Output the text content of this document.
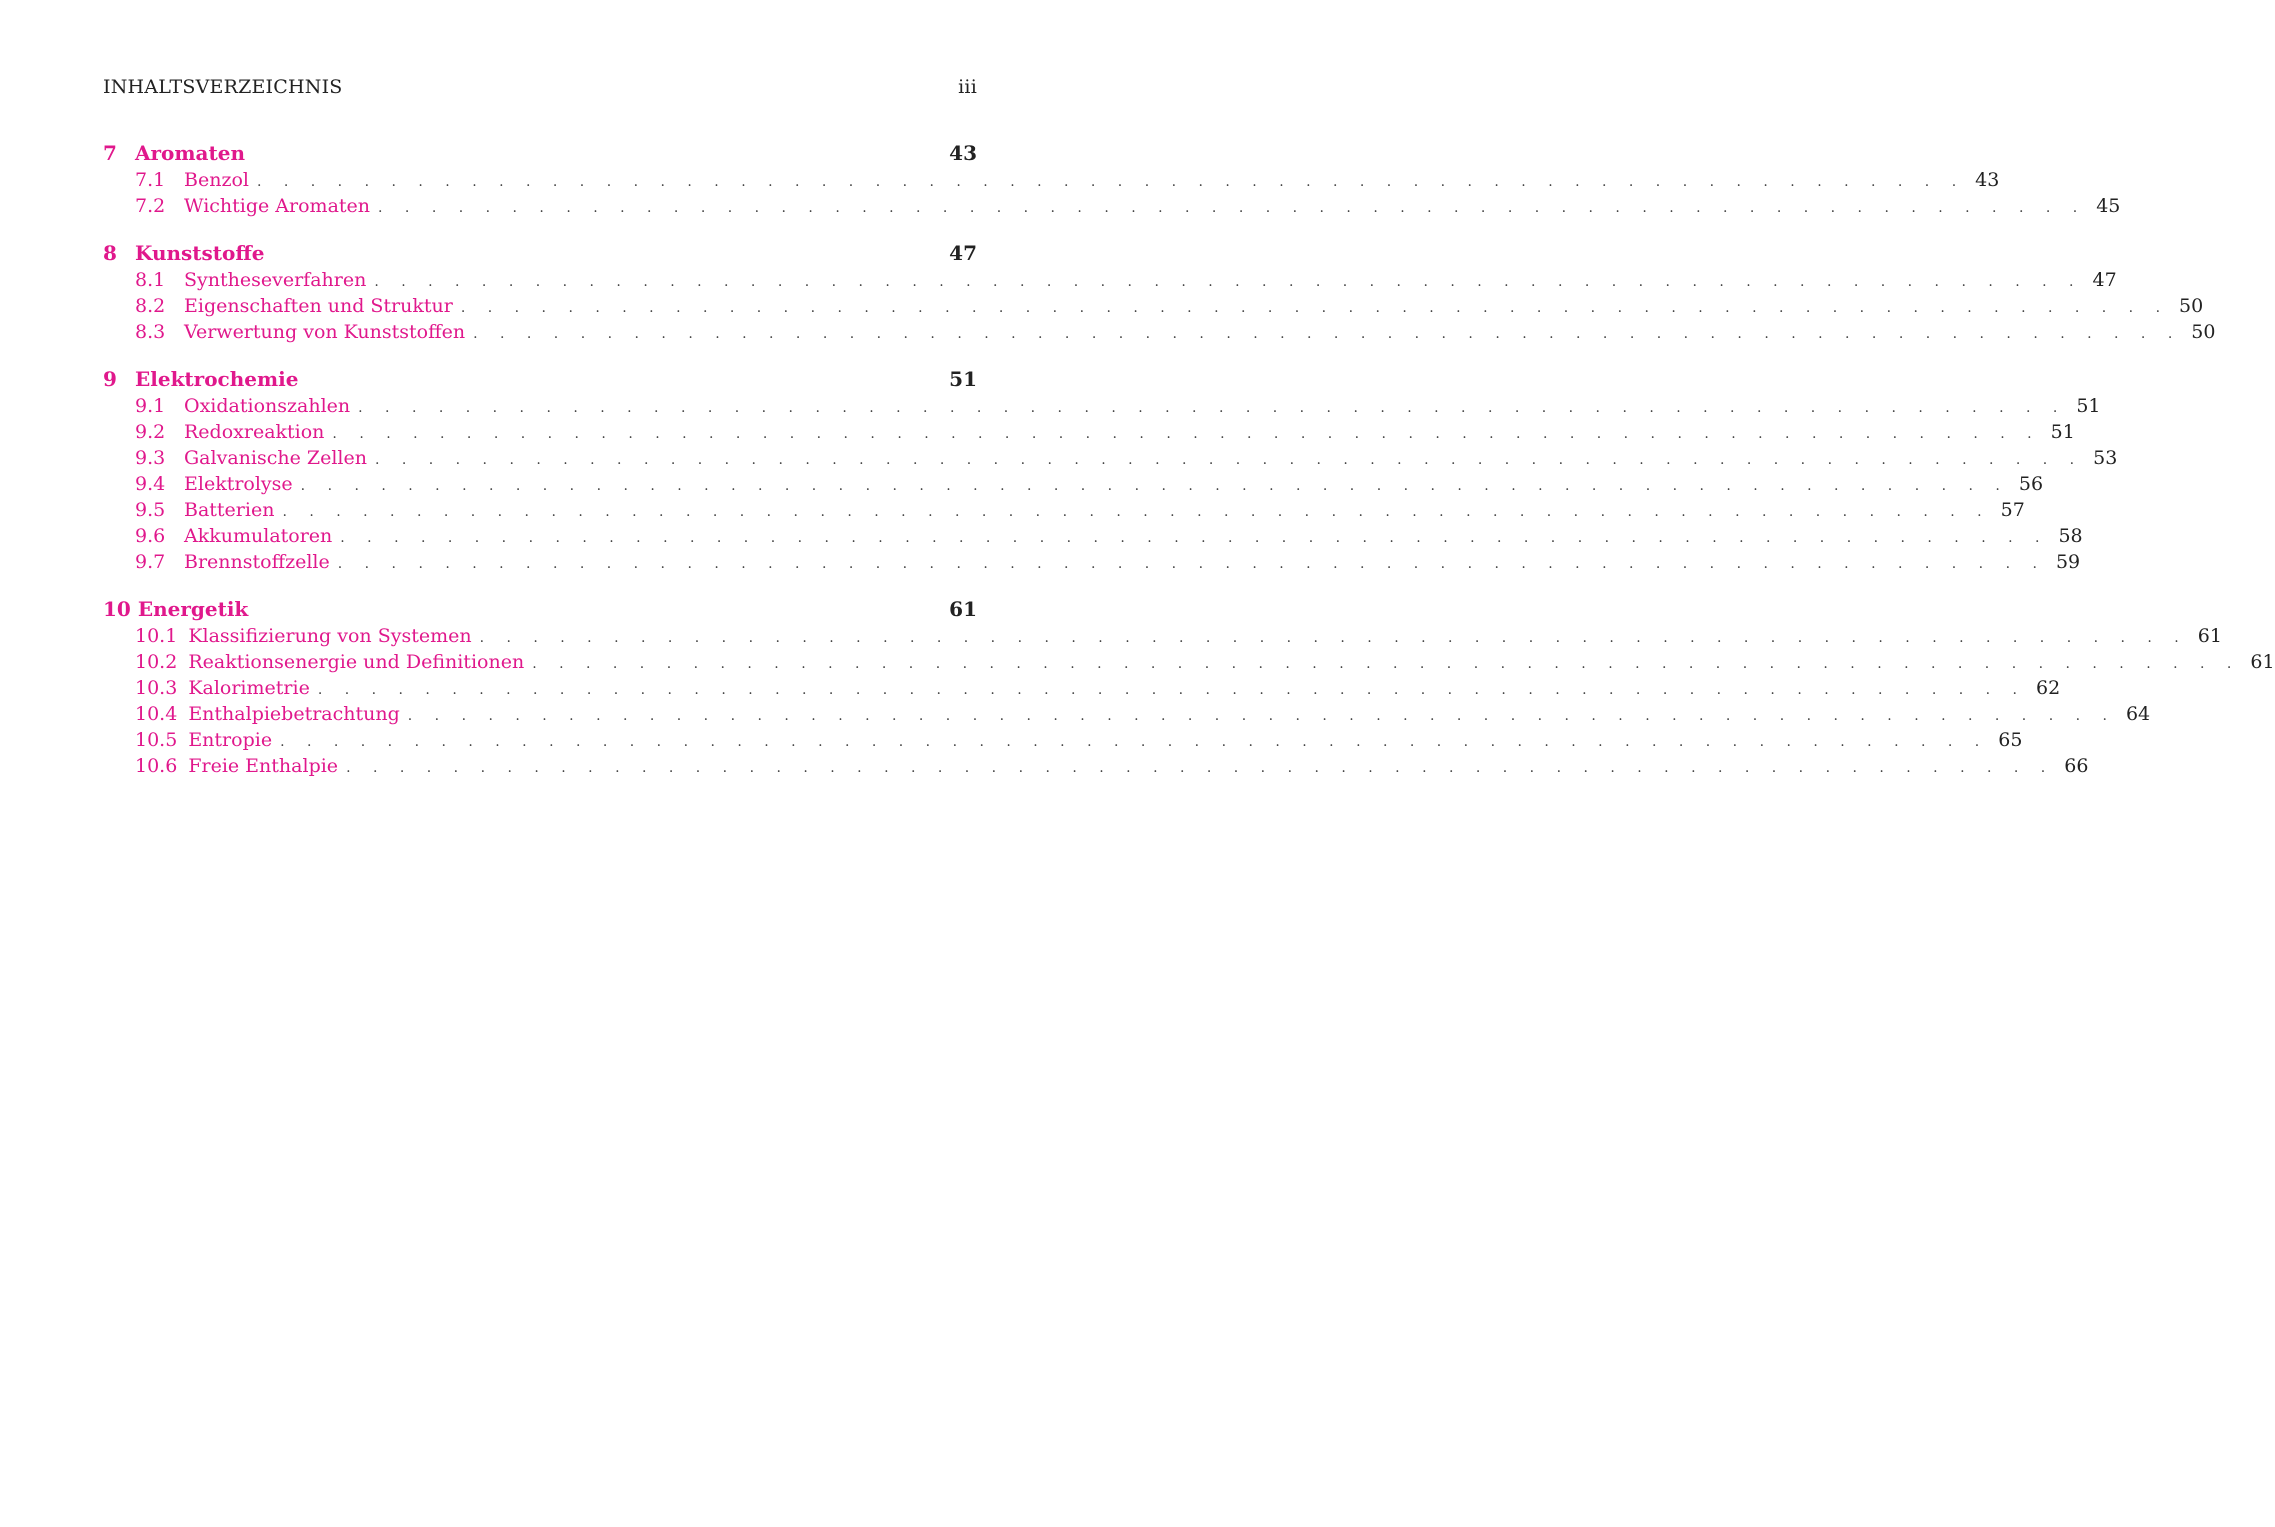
INHALTSVERZEICHNIS	iii
7 Aromaten	43
7.1 Benzol . . . . . . . . . . . . . . . . . . . . . . . . . . . . . . . . . . . . . . . . . . . . . . . . . . . . . . . . . . . . . . . . 43
7.2 Wichtige Aromaten . . . . . . . . . . . . . . . . . . . . . . . . . . . . . . . . . . . . . . . . . . . . . . . . . . . . . . . . . . . . . . . . 45
8 Kunststoffe	47
8.1 Syntheseverfahren . . . . . . . . . . . . . . . . . . . . . . . . . . . . . . . . . . . . . . . . . . . . . . . . . . . . . . . . . . . . . . . . 47
8.2 Eigenschaften und Struktur . . . . . . . . . . . . . . . . . . . . . . . . . . . . . . . . . . . . . . . . . . . . . . . . . . . . . . . . . . . . . . . . 50
8.3 Verwertung von Kunststoffen . . . . . . . . . . . . . . . . . . . . . . . . . . . . . . . . . . . . . . . . . . . . . . . . . . . . . . . . . . . . . . . . 50
9 Elektrochemie	51
9.1 Oxidationszahlen . . . . . . . . . . . . . . . . . . . . . . . . . . . . . . . . . . . . . . . . . . . . . . . . . . . . . . . . . . . . . . . . 51
9.2 Redoxreaktion . . . . . . . . . . . . . . . . . . . . . . . . . . . . . . . . . . . . . . . . . . . . . . . . . . . . . . . . . . . . . . . . 51
9.3 Galvanische Zellen . . . . . . . . . . . . . . . . . . . . . . . . . . . . . . . . . . . . . . . . . . . . . . . . . . . . . . . . . . . . . . . . 53
9.4 Elektrolyse . . . . . . . . . . . . . . . . . . . . . . . . . . . . . . . . . . . . . . . . . . . . . . . . . . . . . . . . . . . . . . . . 56
9.5 Batterien . . . . . . . . . . . . . . . . . . . . . . . . . . . . . . . . . . . . . . . . . . . . . . . . . . . . . . . . . . . . . . . . 57
9.6 Akkumulatoren . . . . . . . . . . . . . . . . . . . . . . . . . . . . . . . . . . . . . . . . . . . . . . . . . . . . . . . . . . . . . . . . 58
9.7 Brennstoffzelle . . . . . . . . . . . . . . . . . . . . . . . . . . . . . . . . . . . . . . . . . . . . . . . . . . . . . . . . . . . . . . . . 59
10 Energetik	61
10.1 Klassifizierung von Systemen . . . . . . . . . . . . . . . . . . . . . . . . . . . . . . . . . . . . . . . . . . . . . . . . . . . . . . . . . . . . . . . . 61
10.2 Reaktionsenergie und Definitionen . . . . . . . . . . . . . . . . . . . . . . . . . . . . . . . . . . . . . . . . . . . . . . . . . . . . . . . . . . . . . . . . 61
10.3 Kalorimetrie . . . . . . . . . . . . . . . . . . . . . . . . . . . . . . . . . . . . . . . . . . . . . . . . . . . . . . . . . . . . . . . . 62
10.4 Enthalpiebetrachtung . . . . . . . . . . . . . . . . . . . . . . . . . . . . . . . . . . . . . . . . . . . . . . . . . . . . . . . . . . . . . . . . 64
10.5 Entropie . . . . . . . . . . . . . . . . . . . . . . . . . . . . . . . . . . . . . . . . . . . . . . . . . . . . . . . . . . . . . . . . 65
10.6 Freie Enthalpie . . . . . . . . . . . . . . . . . . . . . . . . . . . . . . . . . . . . . . . . . . . . . . . . . . . . . . . . . . . . . . . . 66
